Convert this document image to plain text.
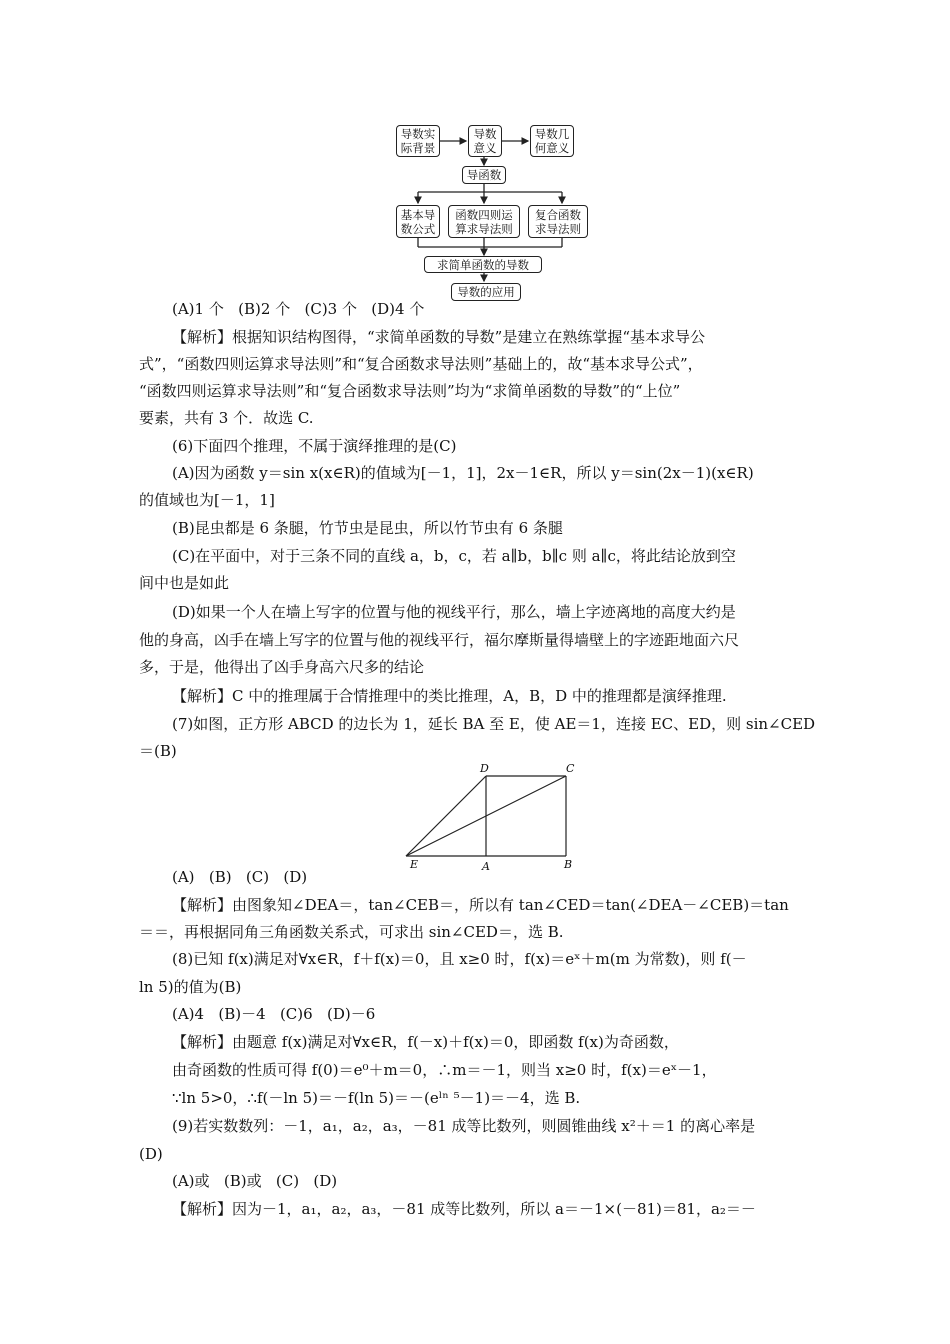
导数实
际背景
导数
意义
导数几
何意义
导函数
基本导
数公式
函数四则运
算求导法则
复合函数
求导法则
求简单函数的导数
导数的应用
D	C
E	A	B
(A)1 个   (B)2 个   (C)3 个   (D)4 个
【解析】根据知识结构图得，“求简单函数的导数”是建立在熟练掌握“基本求导公
式”，“函数四则运算求导法则”和“复合函数求导法则”基础上的，故“基本求导公式”，
“函数四则运算求导法则”和“复合函数求导法则”均为“求简单函数的导数”的“上位”
要素，共有 3 个．故选 C.
(6)下面四个推理，不属于演绎推理的是(C)
(A)因为函数 y＝sin x(x∈R)的值域为[－1，1]，2x－1∈R，所以 y＝sin(2x－1)(x∈R)
的值域也为[－1，1]
(B)昆虫都是 6 条腿，竹节虫是昆虫，所以竹节虫有 6 条腿
(C)在平面中，对于三条不同的直线 a，b，c，若 a∥b，b∥c 则 a∥c，将此结论放到空
间中也是如此
(D)如果一个人在墙上写字的位置与他的视线平行，那么，墙上字迹离地的高度大约是
他的身高，凶手在墙上写字的位置与他的视线平行，福尔摩斯量得墙壁上的字迹距地面六尺
多，于是，他得出了凶手身高六尺多的结论
【解析】C 中的推理属于合情推理中的类比推理，A，B，D 中的推理都是演绎推理.
(7)如图，正方形 ABCD 的边长为 1，延长 BA 至 E，使 AE＝1，连接 EC、ED，则 sin∠CED
＝(B)
(A)   (B)   (C)   (D)
【解析】由图象知∠DEA＝，tan∠CEB＝，所以有 tan∠CED＝tan(∠DEA－∠CEB)＝tan
＝＝，再根据同角三角函数关系式，可求出 sin∠CED＝，选 B.
(8)已知 f(x)满足对∀x∈R，f＋f(x)＝0，且 x≥0 时，f(x)＝eˣ＋m(m 为常数)，则 f(－
ln 5)的值为(B)
(A)4   (B)－4   (C)6   (D)－6
【解析】由题意 f(x)满足对∀x∈R，f(－x)＋f(x)＝0，即函数 f(x)为奇函数，
由奇函数的性质可得 f(0)＝e⁰＋m＝0，∴m＝－1，则当 x≥0 时，f(x)＝eˣ－1，
∵ln 5>0，∴f(－ln 5)＝－f(ln 5)＝－(eˡⁿ ⁵－1)＝－4，选 B.
(9)若实数数列：－1，a₁，a₂，a₃，－81 成等比数列，则圆锥曲线 x²＋＝1 的离心率是
(D)
(A)或   (B)或   (C)   (D)
【解析】因为－1，a₁，a₂，a₃，－81 成等比数列，所以 a＝－1×(－81)＝81，a₂＝－
